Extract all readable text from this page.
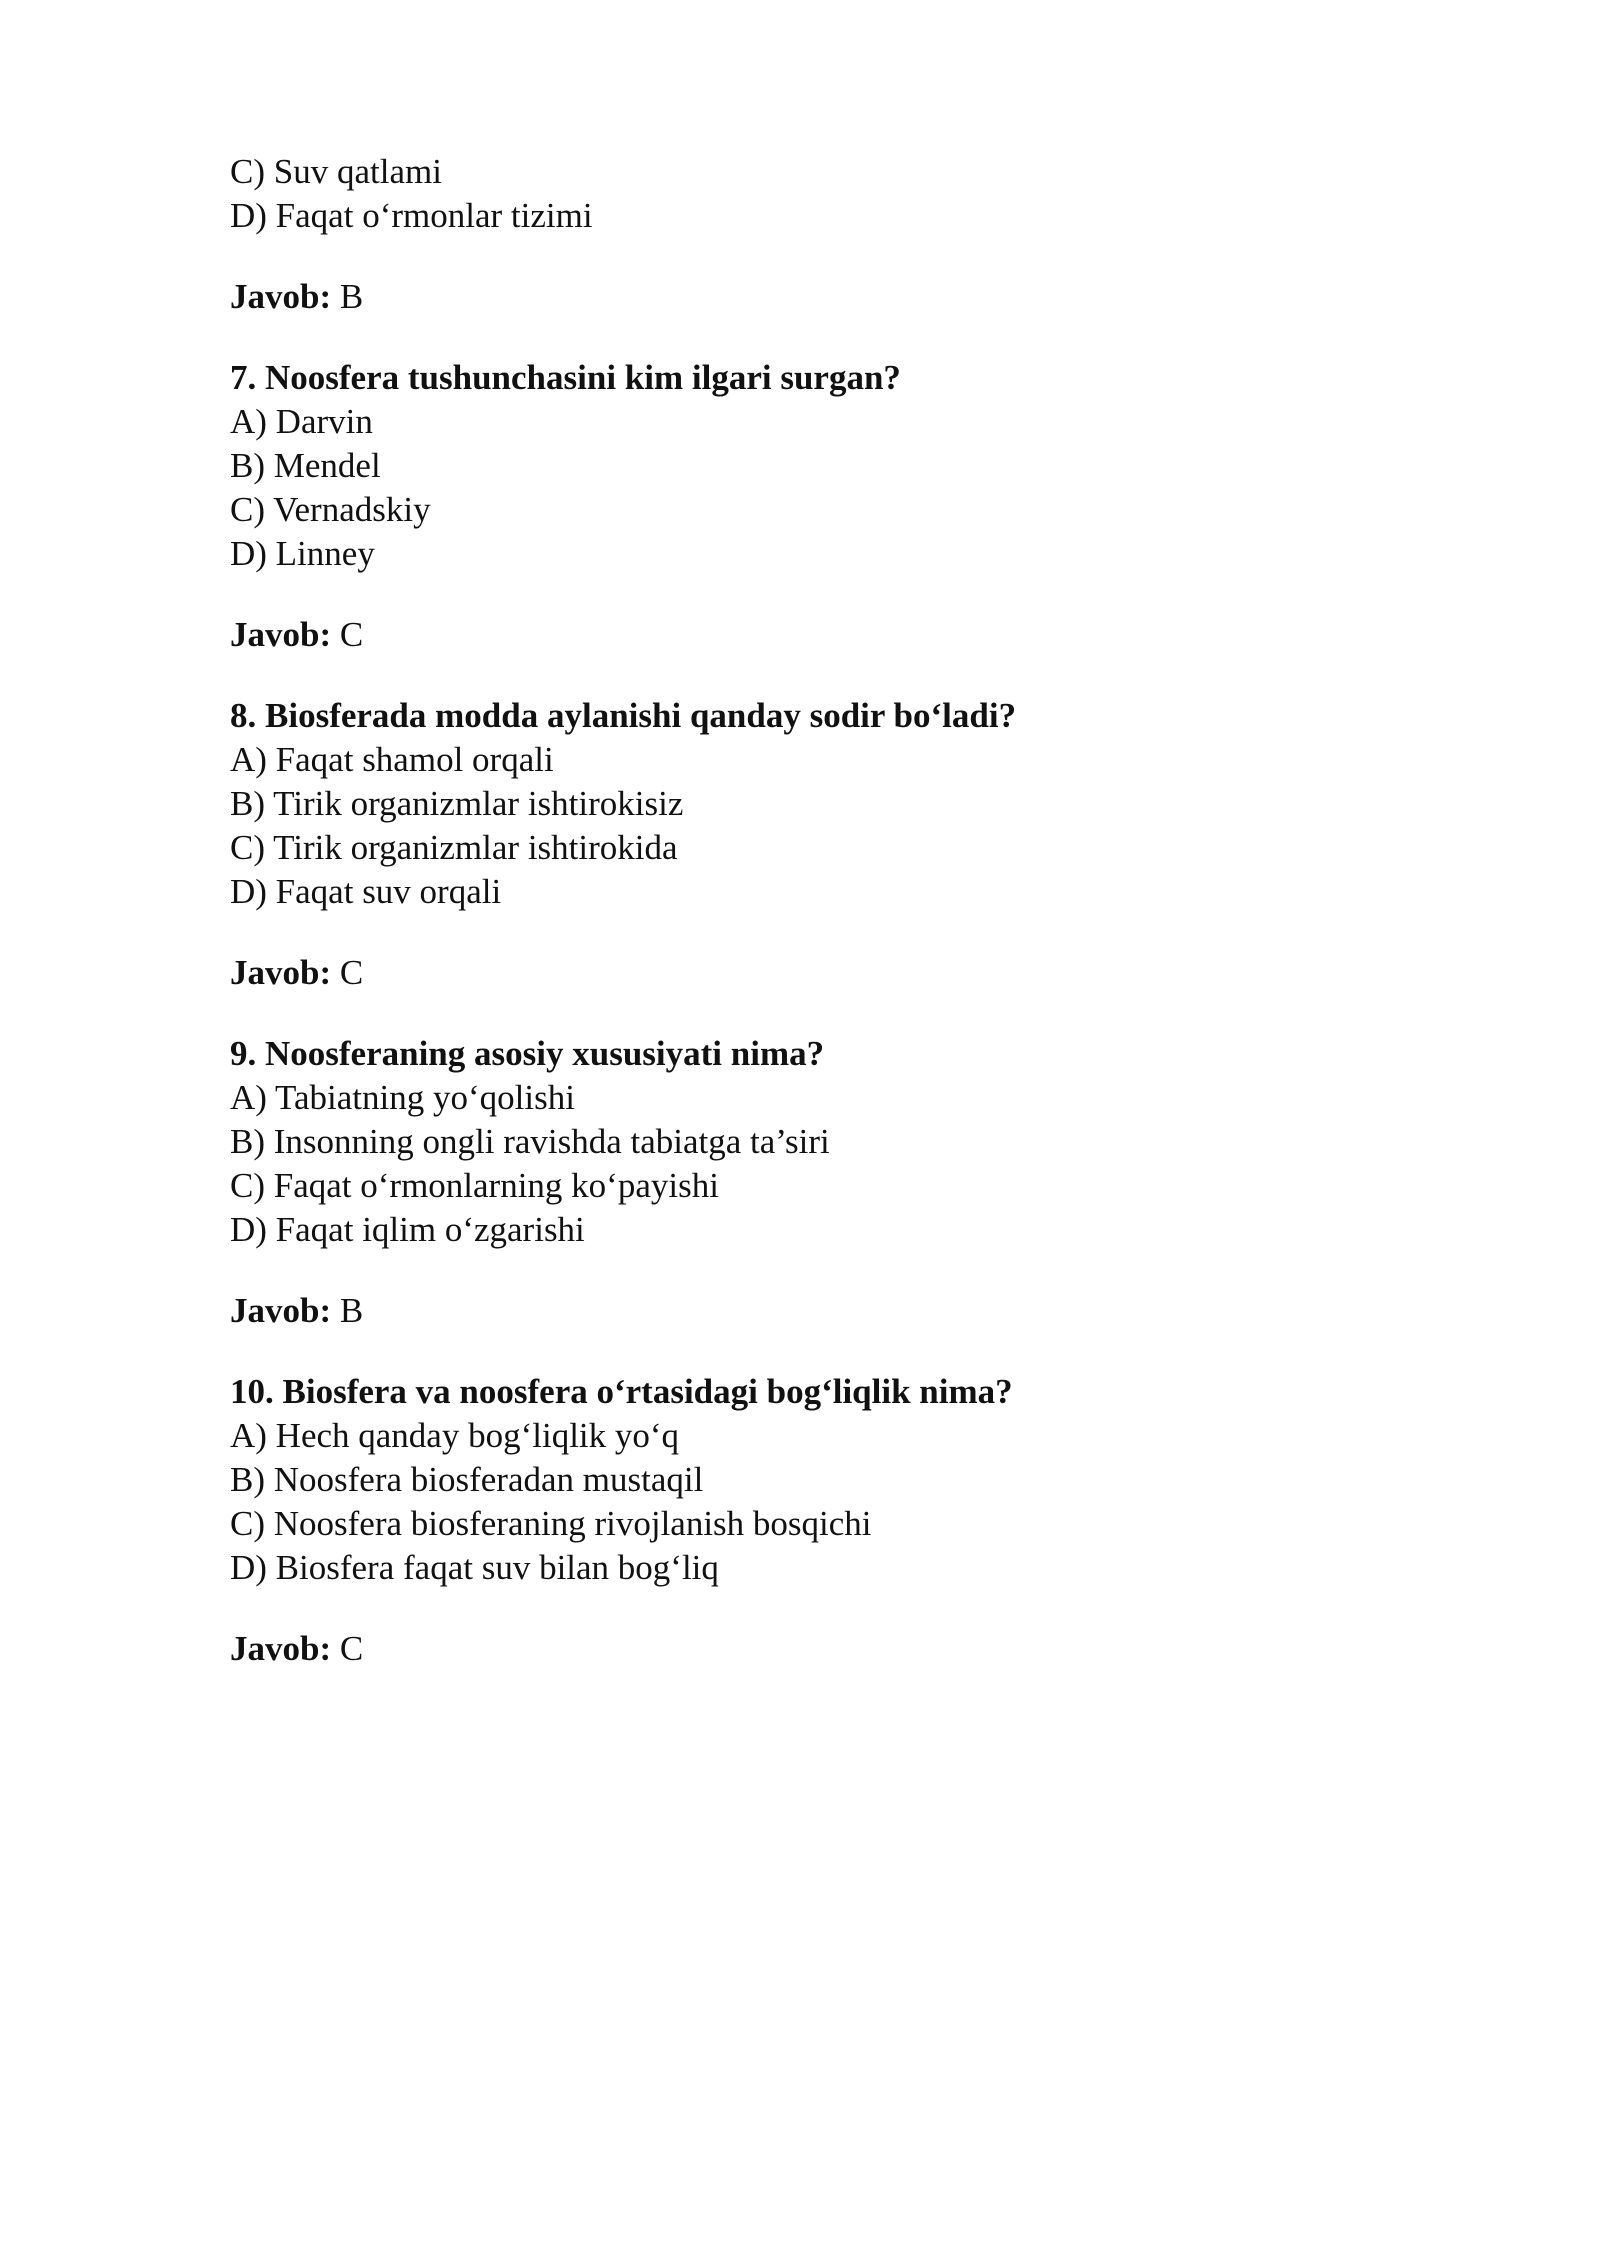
C) Suv qatlami
D) Faqat o‘rmonlar tizimi
Javob: B
7. Noosfera tushunchasini kim ilgari surgan?
A) Darvin
B) Mendel
C) Vernadskiy
D) Linney
Javob: C
8. Biosferada modda aylanishi qanday sodir bo‘ladi?
A) Faqat shamol orqali
B) Tirik organizmlar ishtirokisiz
C) Tirik organizmlar ishtirokida
D) Faqat suv orqali
Javob: C
9. Noosferaning asosiy xususiyati nima?
A) Tabiatning yo‘qolishi
B) Insonning ongli ravishda tabiatga ta’siri
C) Faqat o‘rmonlarning ko‘payishi
D) Faqat iqlim o‘zgarishi
Javob: B
10. Biosfera va noosfera o‘rtasidagi bog‘liqlik nima?
A) Hech qanday bog‘liqlik yo‘q
B) Noosfera biosferadan mustaqil
C) Noosfera biosferaning rivojlanish bosqichi
D) Biosfera faqat suv bilan bog‘liq
Javob: C
